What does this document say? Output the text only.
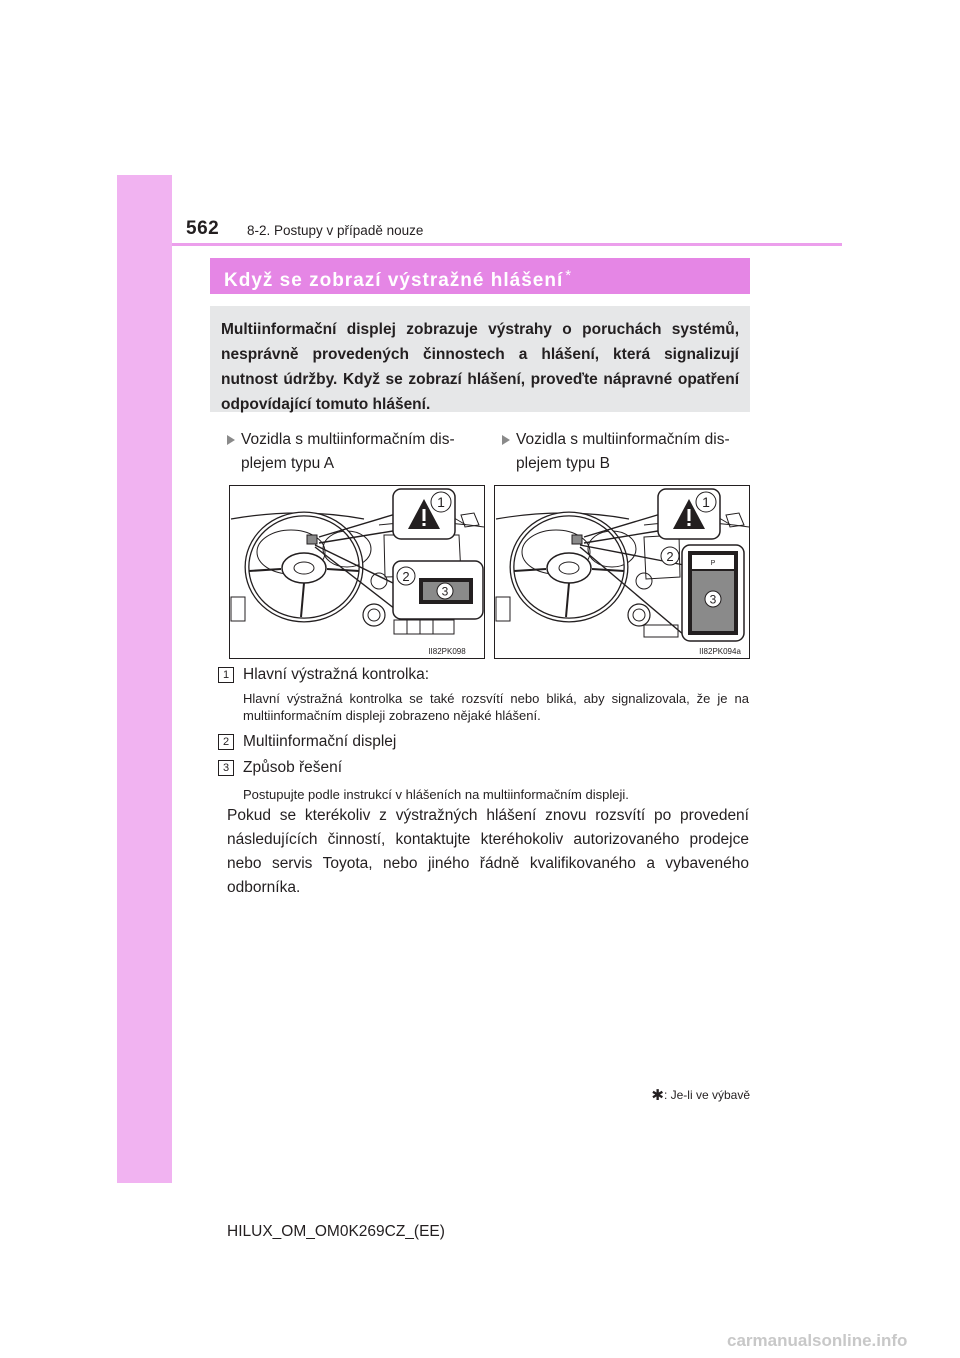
562 8-2. Postupy v případě nouze
Když se zobrazí výstražné hlášení *
Multiinformační displej zobrazuje výstrahy o poruchách systémů, nesprávně provedených činnostech a hlášení, která signalizují nutnost údržby. Když se zobrazí hlášení, proveďte nápravné opatření odpovídající tomuto hlášení.
Vozidla s multiinformačním dis-plejem typu A
Vozidla s multiinformačním dis-plejem typu B
2
3
1
II82PK098
P
2
3
1
II82PK094a
1 Hlavní výstražná kontrolka:
Hlavní výstražná kontrolka se také rozsvítí nebo bliká, aby signalizovala, že je na multiinformačním displeji zobrazeno nějaké hlášení.
2 Multiinformační displej
3 Způsob řešení
Postupujte podle instrukcí v hlášeních na multiinformačním displeji.
Pokud se kterékoliv z výstražných hlášení znovu rozsvítí po provedení následujících činností, kontaktujte kteréhokoliv autorizovaného prodejce nebo servis Toyota, nebo jiného řádně kvalifikovaného a vybaveného odborníka.
✱: Je-li ve výbavě
HILUX_OM_OM0K269CZ_(EE)
carmanualsonline.info
